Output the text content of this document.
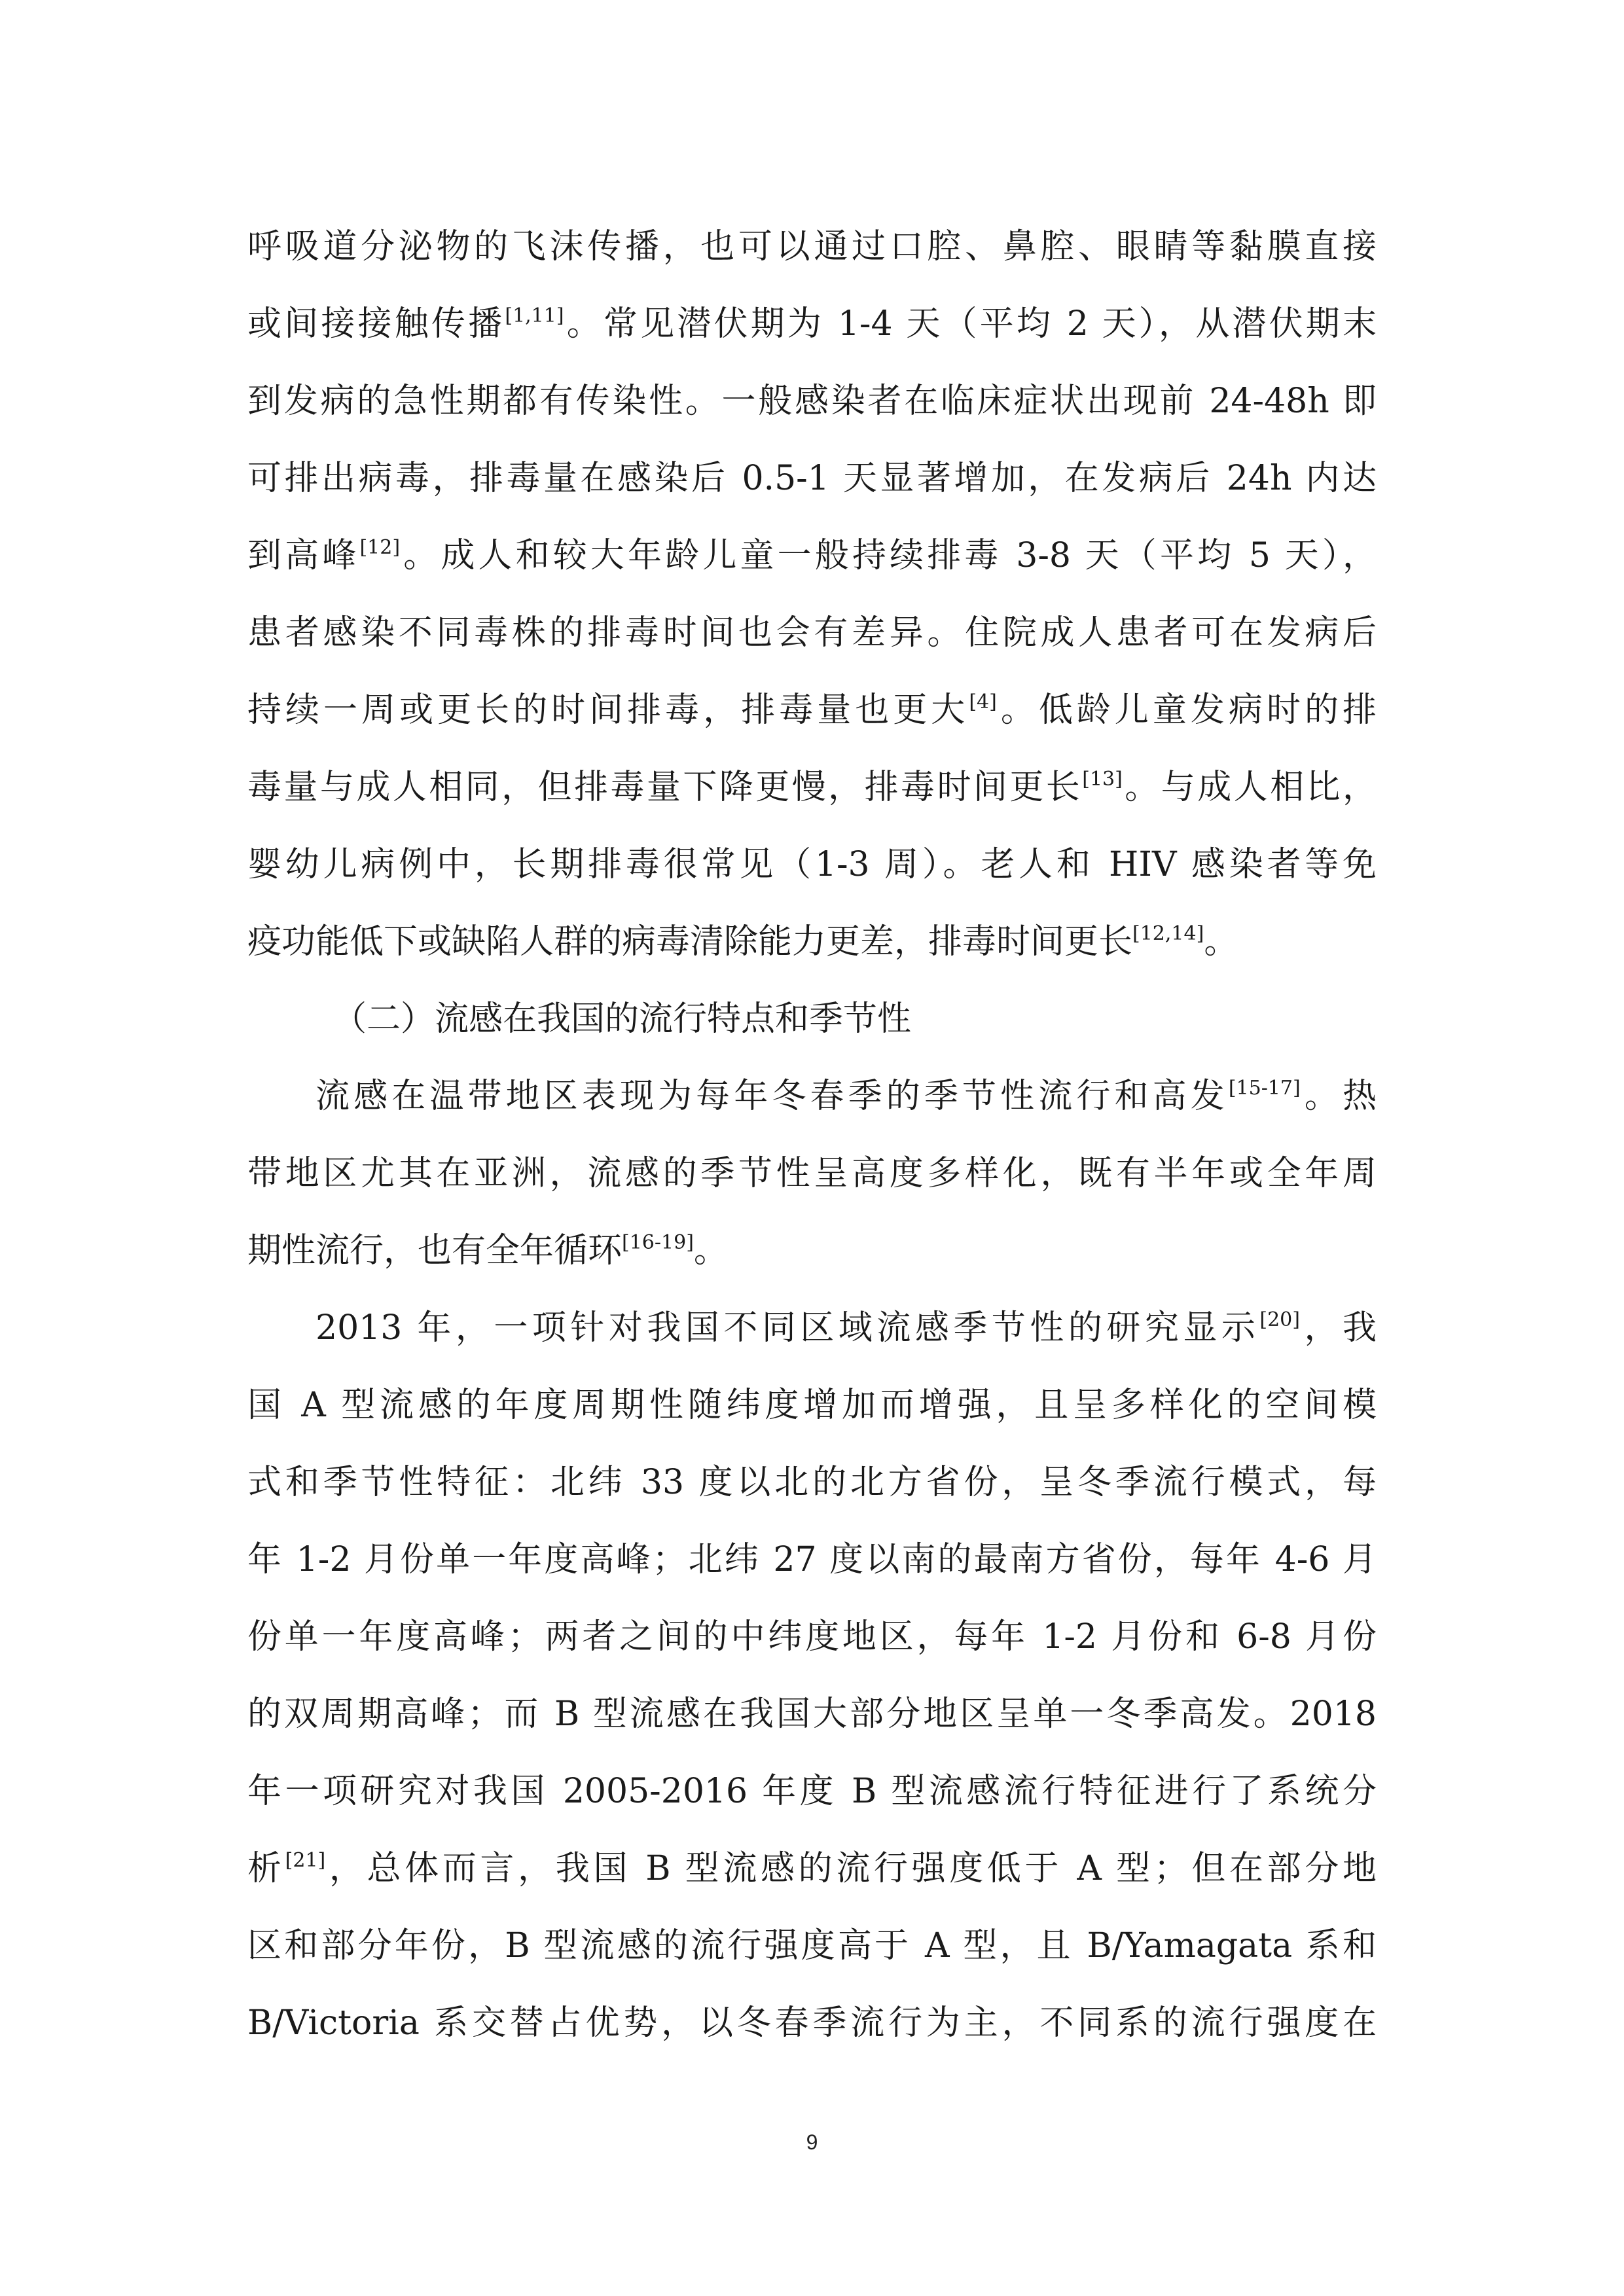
呼吸道分泌物的飞沫传播，也可以通过口腔、鼻腔、眼睛等黏膜直接
或间接接触传播[1,11]。常见潜伏期为 1-4 天（平均 2 天），从潜伏期末
到发病的急性期都有传染性。一般感染者在临床症状出现前 24-48h 即
可排出病毒，排毒量在感染后 0.5-1 天显著增加，在发病后 24h 内达
到高峰[12]。成人和较大年龄儿童一般持续排毒 3-8 天（平均 5 天），
患者感染不同毒株的排毒时间也会有差异。住院成人患者可在发病后
持续一周或更长的时间排毒，排毒量也更大[4]。低龄儿童发病时的排
毒量与成人相同，但排毒量下降更慢，排毒时间更长[13]。与成人相比，
婴幼儿病例中，长期排毒很常见（1-3 周）。老人和 HIV 感染者等免
疫功能低下或缺陷人群的病毒清除能力更差，排毒时间更长[12,14]。
（二）流感在我国的流行特点和季节性
流感在温带地区表现为每年冬春季的季节性流行和高发[15-17]。热
带地区尤其在亚洲，流感的季节性呈高度多样化，既有半年或全年周
期性流行，也有全年循环[16-19]。
2013 年，一项针对我国不同区域流感季节性的研究显示[20]，我
国 A 型流感的年度周期性随纬度增加而增强，且呈多样化的空间模
式和季节性特征：北纬 33 度以北的北方省份，呈冬季流行模式，每
年 1-2 月份单一年度高峰；北纬 27 度以南的最南方省份，每年 4-6 月
份单一年度高峰；两者之间的中纬度地区，每年 1-2 月份和 6-8 月份
的双周期高峰；而 B 型流感在我国大部分地区呈单一冬季高发。2018
年一项研究对我国 2005-2016 年度 B 型流感流行特征进行了系统分
析[21]，总体而言，我国 B 型流感的流行强度低于 A 型；但在部分地
区和部分年份，B 型流感的流行强度高于 A 型，且 B/Yamagata 系和
B/Victoria 系交替占优势，以冬春季流行为主，不同系的流行强度在
9
